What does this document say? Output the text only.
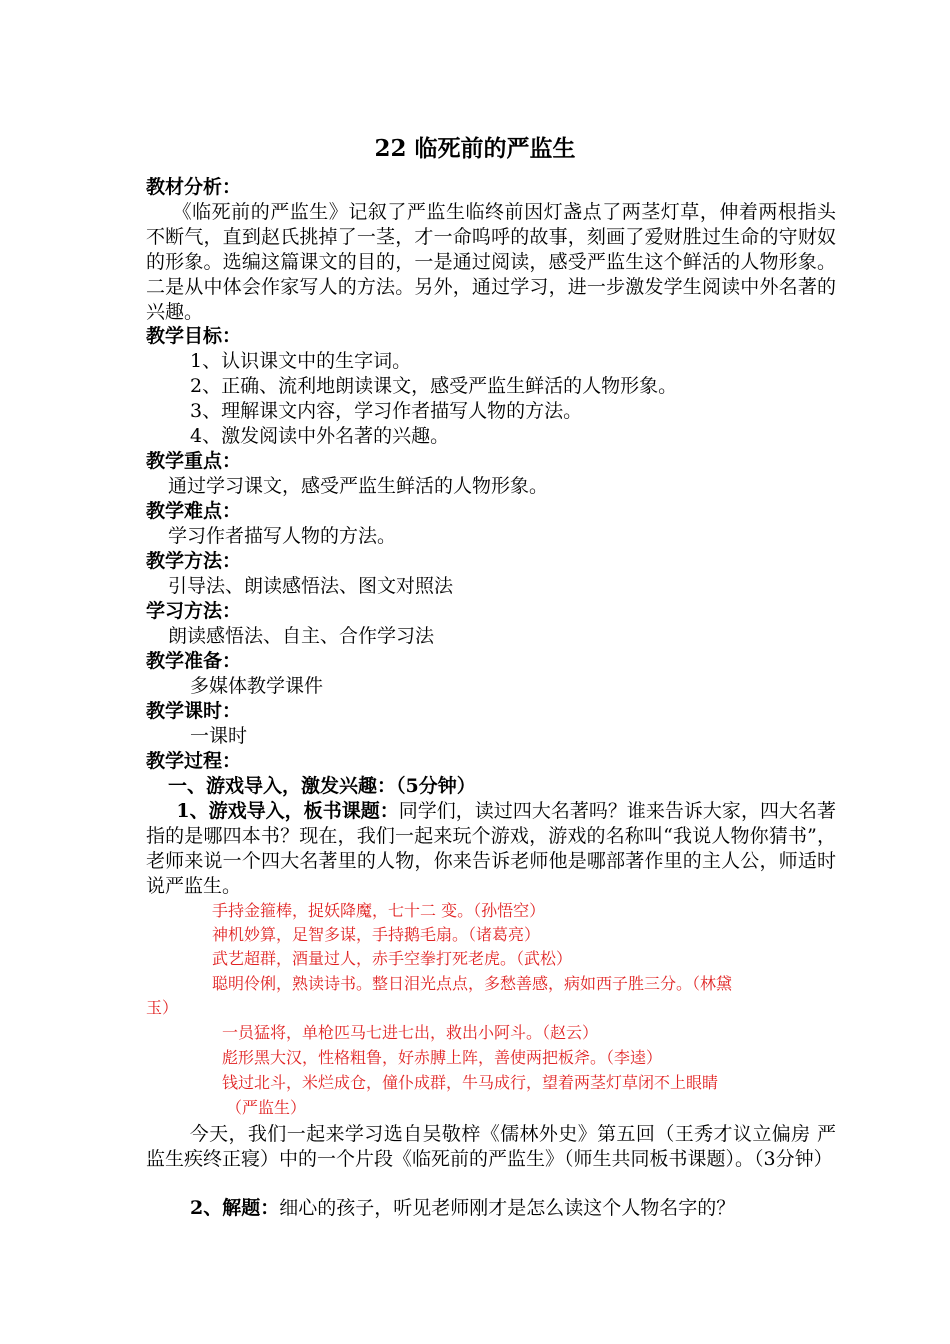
22 临死前的严监生
教材分析：
《临死前的严监生》记叙了严监生临终前因灯盏点了两茎灯草，伸着两根指头不断气，直到赵氏挑掉了一茎，才一命呜呼的故事，刻画了爱财胜过生命的守财奴的形象。选编这篇课文的目的，一是通过阅读，感受严监生这个鲜活的人物形象。二是从中体会作家写人的方法。另外，通过学习，进一步激发学生阅读中外名著的兴趣。
教学目标：
1、认识课文中的生字词。
2、正确、流利地朗读课文，感受严监生鲜活的人物形象。
3、理解课文内容，学习作者描写人物的方法。
4、激发阅读中外名著的兴趣。
教学重点：
通过学习课文，感受严监生鲜活的人物形象。
教学难点：
学习作者描写人物的方法。
教学方法：
引导法、朗读感悟法、图文对照法
学习方法：
朗读感悟法、自主、合作学习法
教学准备：
多媒体教学课件
教学课时：
一课时
教学过程：
一、游戏导入，激发兴趣：（5分钟）
1、游戏导入，板书课题：同学们，读过四大名著吗？谁来告诉大家，四大名著指的是哪四本书？现在，我们一起来玩个游戏，游戏的名称叫“我说人物你猜书”，老师来说一个四大名著里的人物，你来告诉老师他是哪部著作里的主人公，师适时说严监生。
手持金箍棒，捉妖降魔，七十二 变。（孙悟空）
神机妙算，足智多谋，手持鹅毛扇。（诸葛亮）
武艺超群，酒量过人，赤手空拳打死老虎。（武松）
聪明伶俐，熟读诗书。整日泪光点点，多愁善感，病如西子胜三分。（林黛
玉）
一员猛将，单枪匹马七进七出，救出小阿斗。（赵云）
彪形黑大汉，性格粗鲁，好赤膊上阵，善使两把板斧。（李逵）
钱过北斗，米烂成仓，僮仆成群，牛马成行，望着两茎灯草闭不上眼睛
（严监生）
今天，我们一起来学习选自吴敬梓《儒林外史》第五回（王秀才议立偏房 严监生疾终正寝）中的一个片段《临死前的严监生》（师生共同板书课题）。（3分钟）
2、解题：细心的孩子，听见老师刚才是怎么读这个人物名字的？
